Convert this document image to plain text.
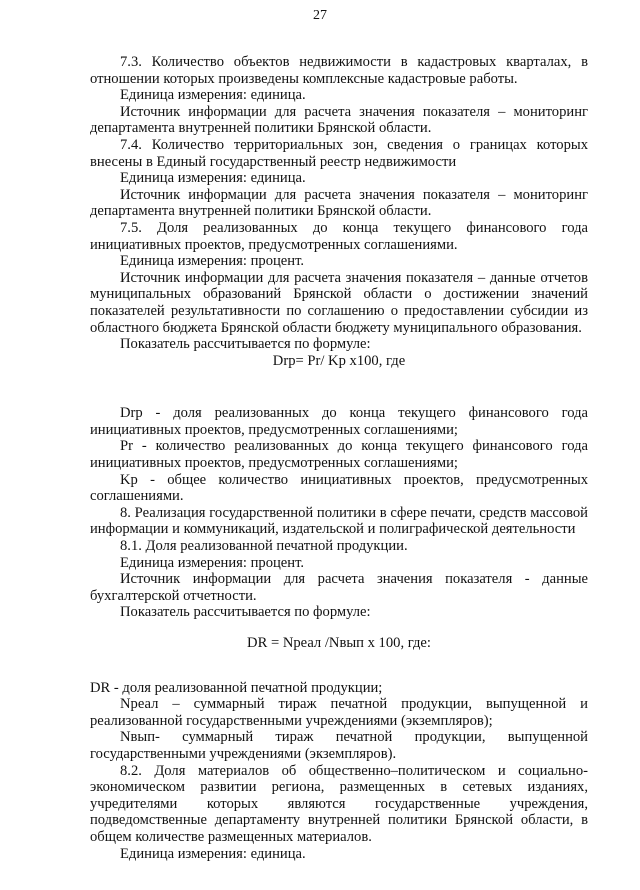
27

7.3. Количество объектов недвижимости в кадастровых кварталах, в отношении которых произведены комплексные кадастровые работы.

Единица измерения: единица.

Источник информации для расчета значения показателя – мониторинг департамента внутренней политики Брянской области.

7.4. Количество территориальных зон, сведения о границах которых внесены в Единый государственный реестр недвижимости

Единица измерения: единица.

Источник информации для расчета значения показателя – мониторинг департамента внутренней политики Брянской области.

7.5. Доля реализованных до конца текущего финансового года инициативных проектов, предусмотренных соглашениями.

Единица измерения: процент.

Источник информации для расчета значения показателя – данные отчетов муниципальных образований Брянской области о достижении значений показателей результативности по соглашению о предоставлении субсидии из областного бюджета Брянской области бюджету муниципального образования.

Показатель рассчитывается по формуле:

Drp= Pr/ Kp x100, где

Drp - доля реализованных до конца текущего финансового года инициативных проектов, предусмотренных соглашениями;

Pr - количество реализованных до конца текущего финансового года инициативных проектов, предусмотренных соглашениями;

Kp - общее количество инициативных проектов, предусмотренных соглашениями.

8. Реализация государственной политики в сфере печати, средств массовой информации и коммуникаций, издательской и полиграфической деятельности

8.1. Доля реализованной печатной продукции.

Единица измерения: процент.

Источник информации для расчета значения показателя - данные бухгалтерской отчетности.

Показатель рассчитывается по формуле:

DR = Nреал /Nвып x 100, где:

DR - доля реализованной печатной продукции;

Nреал – суммарный тираж печатной продукции, выпущенной и реализованной государственными учреждениями (экземпляров);

Nвып- суммарный тираж печатной продукции, выпущенной государственными учреждениями (экземпляров).

8.2. Доля материалов об общественно–политическом и социально-экономическом развитии региона, размещенных в сетевых изданиях, учредителями которых являются государственные учреждения, подведомственные департаменту внутренней политики Брянской области, в общем количестве размещенных материалов.

Единица измерения: единица.
